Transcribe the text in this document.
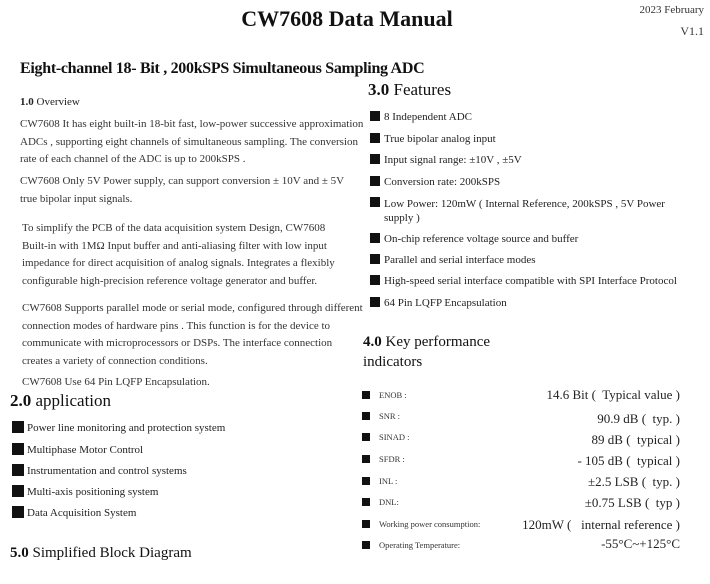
CW7608 Data Manual	2023 February
V1.1
Eight-channel 18- Bit , 200kSPS Simultaneous Sampling ADC
1.0 Overview
CW7608 It has eight built-in 18-bit fast, low-power successive approximation
ADCs , supporting eight channels of simultaneous sampling. The conversion
rate of each channel of the ADC is up to 200kSPS .
CW7608 Only 5V Power supply, can support conversion ± 10V and ± 5V
true bipolar input signals.
To simplify the PCB of the data acquisition system Design, CW7608
Built-in with 1MΩ Input buffer and anti-aliasing filter with low input
impedance for direct acquisition of analog signals. Integrates a flexibly
configurable high-precision reference voltage generator and buffer.
CW7608 Supports parallel mode or serial mode, configured through different
connection modes of hardware pins . This function is for the device to
communicate with microprocessors or DSPs. The interface connection
creates a variety of connection conditions.
CW7608 Use 64 Pin LQFP Encapsulation.
2.0 application
Power line monitoring and protection system
Multiphase Motor Control
Instrumentation and control systems
Multi-axis positioning system
Data Acquisition System
5.0 Simplified Block Diagram
3.0 Features
8 Independent ADC
True bipolar analog input
Input signal range: ±10V , ±5V
Conversion rate: 200kSPS
Low Power: 120mW ( Internal Reference, 200kSPS , 5V Power
supply )
On-chip reference voltage source and buffer
Parallel and serial interface modes
High-speed serial interface compatible with SPI Interface Protocol
64 Pin LQFP Encapsulation
4.0 Key performance
indicators
ENOB :	14.6 Bit (  Typical value )
SNR :	90.9 dB (  typ. )
SINAD :	89 dB (  typical )
SFDR :	- 105 dB (  typical )
INL :	±2.5 LSB (  typ. )
DNL:	±0.75 LSB (  typ )
Working power consumption:	120mW (   internal reference )
Operating Temperature:	-55°C~+125°C
